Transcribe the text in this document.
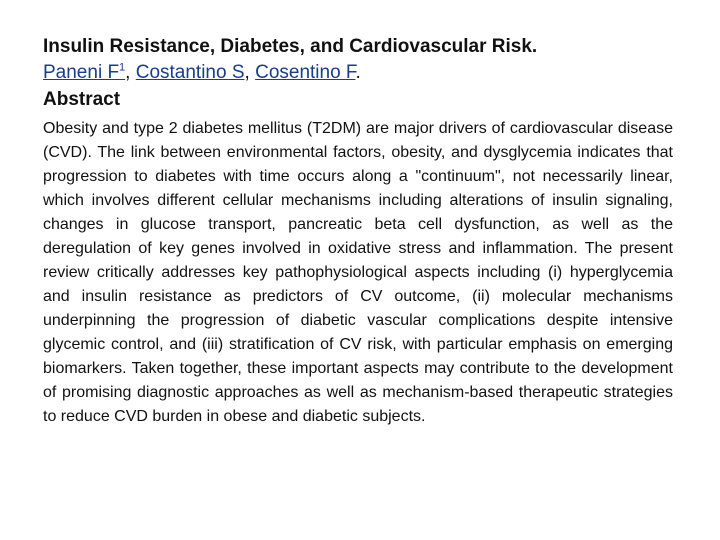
Insulin Resistance, Diabetes, and Cardiovascular Risk.

Paneni $F^1$, Costantino S, Cosentino F.

Abstract

Obesity and type 2 diabetes mellitus (T2DM) are major drivers of cardiovascular disease (CVD). The link between environmental factors, obesity, and dysglycemia indicates that progression to diabetes with time occurs along a "continuum", not necessarily linear, which involves different cellular mechanisms including alterations of insulin signaling, changes in glucose transport, pancreatic beta cell dysfunction, as well as the deregulation of key genes involved in oxidative stress and inflammation. The present review critically addresses key pathophysiological aspects including (i) hyperglycemia and insulin resistance as predictors of CV outcome, (ii) molecular mechanisms underpinning the progression of diabetic vascular complications despite intensive glycemic control, and (iii) stratification of CV risk, with particular emphasis on emerging biomarkers. Taken together, these important aspects may contribute to the development of promising diagnostic approaches as well as mechanism-based therapeutic strategies to reduce CVD burden in obese and diabetic subjects.
